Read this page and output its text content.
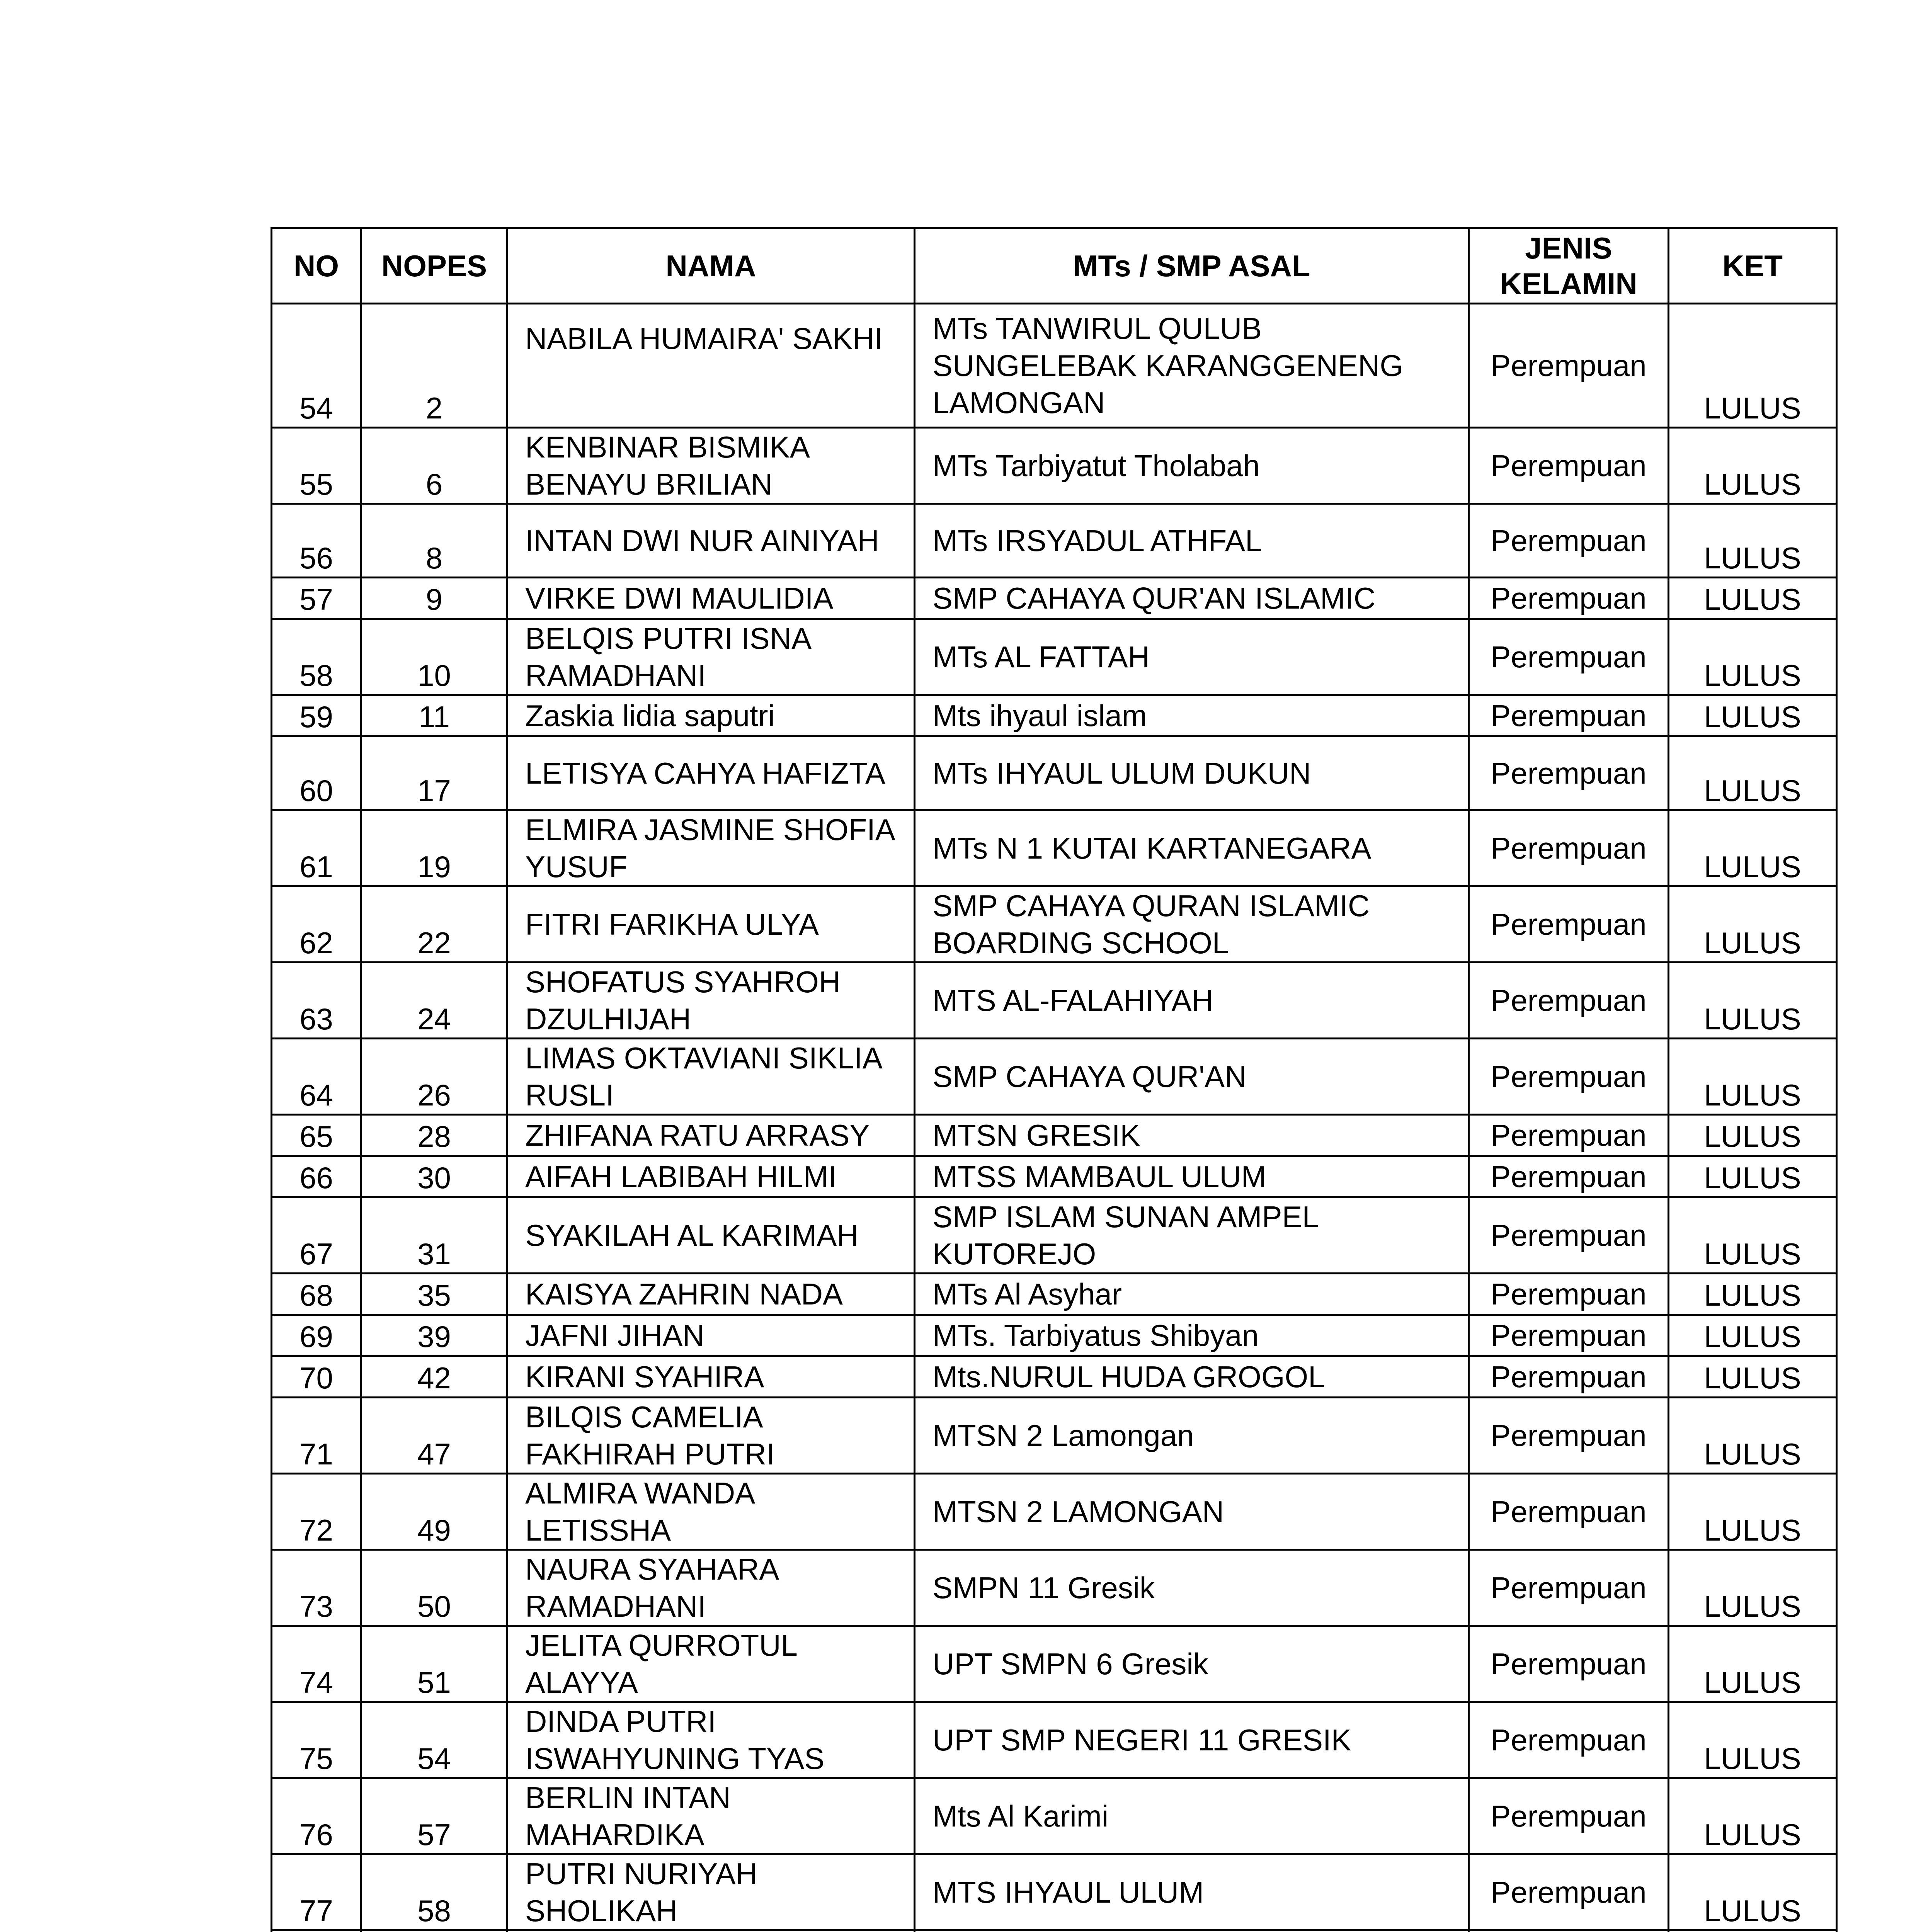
NO	NOPES	NAMA	MTs / SMP ASAL	JENIS KELAMIN	KET
54	2	NABILA HUMAIRA' SAKHI	MTs TANWIRUL QULUB SUNGELEBAK KARANGGENENG LAMONGAN	Perempuan	LULUS
55	6	KENBINAR BISMIKA BENAYU BRILIAN	MTs Tarbiyatut Tholabah	Perempuan	LULUS
56	8	INTAN DWI NUR AINIYAH	MTs IRSYADUL ATHFAL	Perempuan	LULUS
57	9	VIRKE DWI MAULIDIA	SMP CAHAYA QUR'AN ISLAMIC	Perempuan	LULUS
58	10	BELQIS PUTRI ISNA RAMADHANI	MTs AL FATTAH	Perempuan	LULUS
59	11	Zaskia lidia saputri	Mts ihyaul islam	Perempuan	LULUS
60	17	LETISYA CAHYA HAFIZTA	MTs IHYAUL ULUM DUKUN	Perempuan	LULUS
61	19	ELMIRA JASMINE SHOFIA YUSUF	MTs N 1 KUTAI KARTANEGARA	Perempuan	LULUS
62	22	FITRI FARIKHA ULYA	SMP CAHAYA QURAN ISLAMIC BOARDING SCHOOL	Perempuan	LULUS
63	24	SHOFATUS SYAHROH DZULHIJAH	MTS AL-FALAHIYAH	Perempuan	LULUS
64	26	LIMAS OKTAVIANI SIKLIA RUSLI	SMP CAHAYA QUR'AN	Perempuan	LULUS
65	28	ZHIFANA RATU ARRASY	MTSN GRESIK	Perempuan	LULUS
66	30	AIFAH LABIBAH HILMI	MTSS MAMBAUL ULUM	Perempuan	LULUS
67	31	SYAKILAH AL KARIMAH	SMP ISLAM SUNAN AMPEL KUTOREJO	Perempuan	LULUS
68	35	KAISYA ZAHRIN NADA	MTs Al Asyhar	Perempuan	LULUS
69	39	JAFNI JIHAN	MTs. Tarbiyatus Shibyan	Perempuan	LULUS
70	42	KIRANI SYAHIRA	Mts.NURUL HUDA GROGOL	Perempuan	LULUS
71	47	BILQIS CAMELIA FAKHIRAH PUTRI	MTSN 2 Lamongan	Perempuan	LULUS
72	49	ALMIRA WANDA LETISSHA	MTSN 2 LAMONGAN	Perempuan	LULUS
73	50	NAURA SYAHARA RAMADHANI	SMPN 11 Gresik	Perempuan	LULUS
74	51	JELITA QURROTUL ALAYYA	UPT SMPN 6 Gresik	Perempuan	LULUS
75	54	DINDA PUTRI ISWAHYUNING TYAS	UPT SMP NEGERI 11 GRESIK	Perempuan	LULUS
76	57	BERLIN INTAN MAHARDIKA	Mts Al Karimi	Perempuan	LULUS
77	58	PUTRI NURIYAH SHOLIKAH	MTS IHYAUL ULUM	Perempuan	LULUS
